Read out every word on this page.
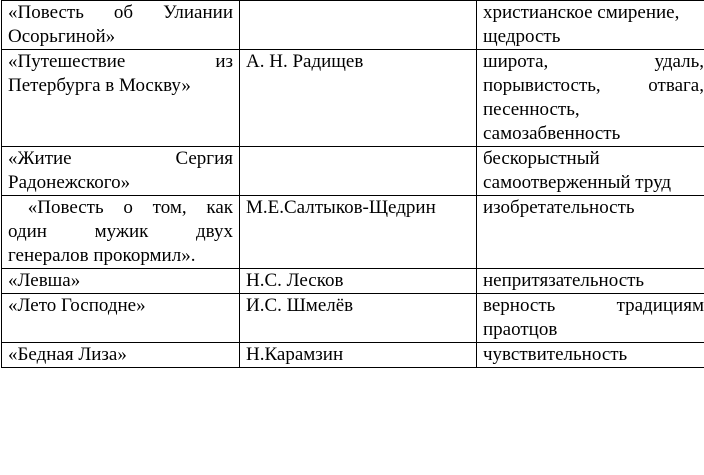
«Повесть об Улиании
Осорьгиной»		христианское смирение,
щедрость

«Путешествие из
Петербурга в Москву»	А. Н. Радищев	широта, удаль,
порывистость, отвага,
песенность,
самозабвенность

«Житие Сергия
Радонежского»		бескорыстный
самоотверженный труд

«Повесть о том, как
один мужик двух
генералов прокормил».	М.Е.Салтыков-Щедрин	изобретательность

«Левша»	Н.С. Лесков	непритязательность

«Лето Господне»	И.С. Шмелёв	верность традициям
праотцов

«Бедная Лиза»	Н.Карамзин	чувствительность
